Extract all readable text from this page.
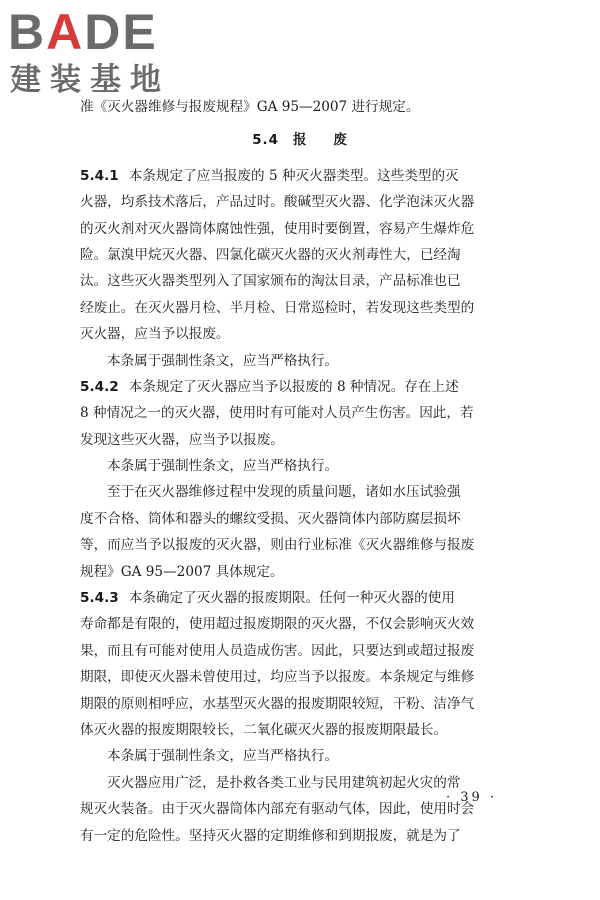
BADE
建装基地
准《灭火器维修与报废规程》GA 95—2007 进行规定。
5.4 报 废
5.4.1 本条规定了应当报废的 5 种灭火器类型。这些类型的灭
火器，均系技术落后，产品过时。酸碱型灭火器、化学泡沫灭火器
的灭火剂对灭火器筒体腐蚀性强，使用时要倒置，容易产生爆炸危
险。氯溴甲烷灭火器、四氯化碳灭火器的灭火剂毒性大，已经淘
汰。这些灭火器类型列入了国家颁布的淘汰目录，产品标准也已
经废止。在灭火器月检、半月检、日常巡检时，若发现这些类型的
灭火器，应当予以报废。
本条属于强制性条文，应当严格执行。
5.4.2 本条规定了灭火器应当予以报废的 8 种情况。存在上述
8 种情况之一的灭火器，使用时有可能对人员产生伤害。因此，若
发现这些灭火器，应当予以报废。
本条属于强制性条文，应当严格执行。
至于在灭火器维修过程中发现的质量问题，诸如水压试验强
度不合格、筒体和器头的螺纹受损、灭火器筒体内部防腐层损坏
等，而应当予以报废的灭火器，则由行业标准《灭火器维修与报废
规程》GA 95—2007 具体规定。
5.4.3 本条确定了灭火器的报废期限。任何一种灭火器的使用
寿命都是有限的，使用超过报废期限的灭火器，不仅会影响灭火效
果，而且有可能对使用人员造成伤害。因此，只要达到或超过报废
期限，即使灭火器未曾使用过，均应当予以报废。本条规定与维修
期限的原则相呼应，水基型灭火器的报废期限较短，干粉、洁净气
体灭火器的报废期限较长，二氧化碳灭火器的报废期限最长。
本条属于强制性条文，应当严格执行。
灭火器应用广泛，是扑救各类工业与民用建筑初起火灾的常
规灭火装备。由于灭火器筒体内部充有驱动气体，因此，使用时会
有一定的危险性。坚持灭火器的定期维修和到期报废，就是为了
· 39 ·
